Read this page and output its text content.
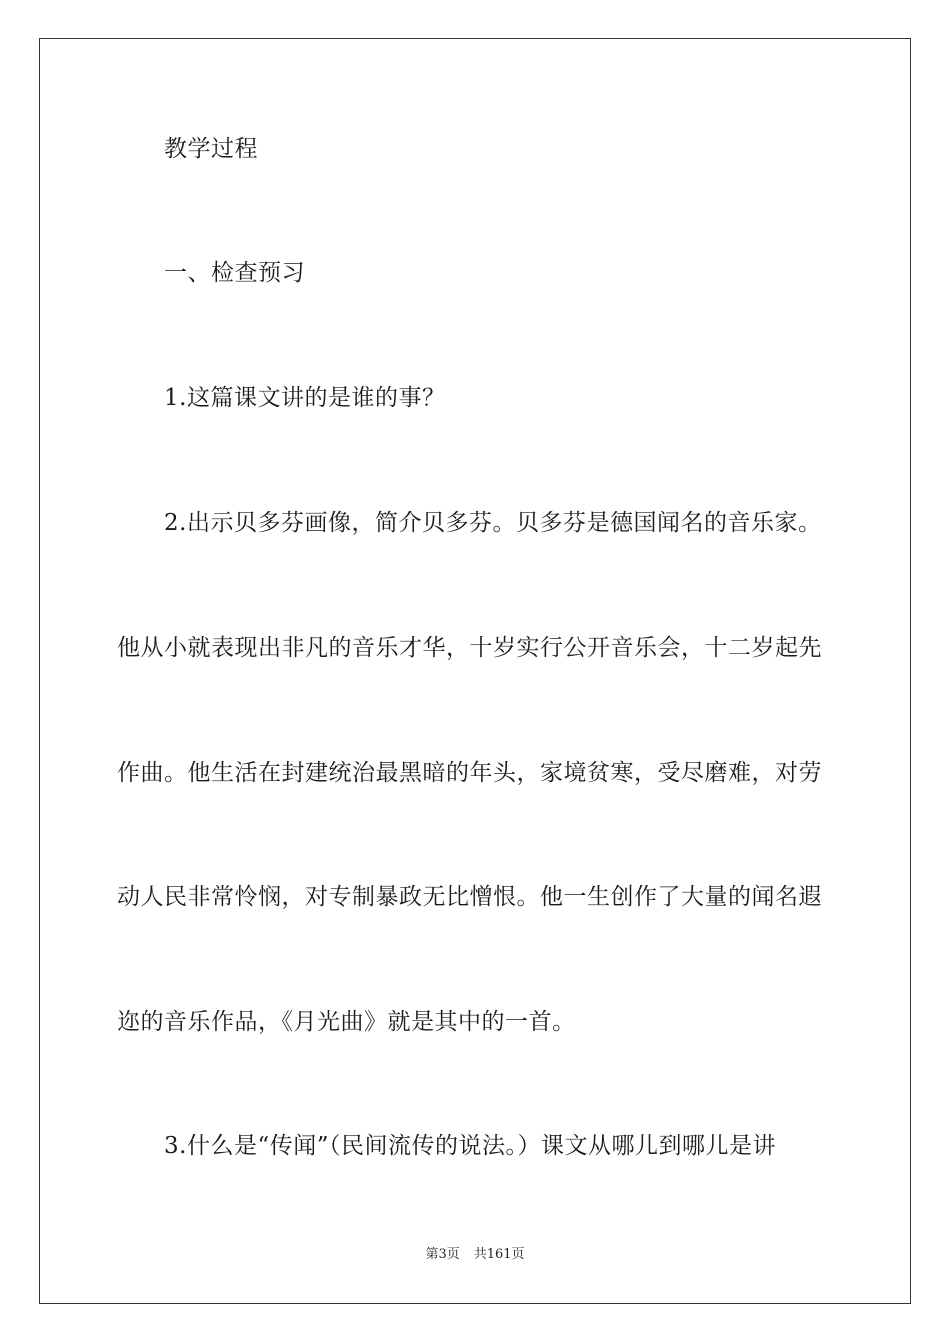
教学过程
一、检查预习
1.这篇课文讲的是谁的事？
2.出示贝多芬画像，简介贝多芬。贝多芬是德国闻名的音乐家。
他从小就表现出非凡的音乐才华，十岁实行公开音乐会，十二岁起先
作曲。他生活在封建统治最黑暗的年头，家境贫寒，受尽磨难，对劳
动人民非常怜悯，对专制暴政无比憎恨。他一生创作了大量的闻名遐
迩的音乐作品，《月光曲》就是其中的一首。
3.什么是“传闻”（民间流传的说法。）课文从哪儿到哪儿是讲
第3页 共161页
